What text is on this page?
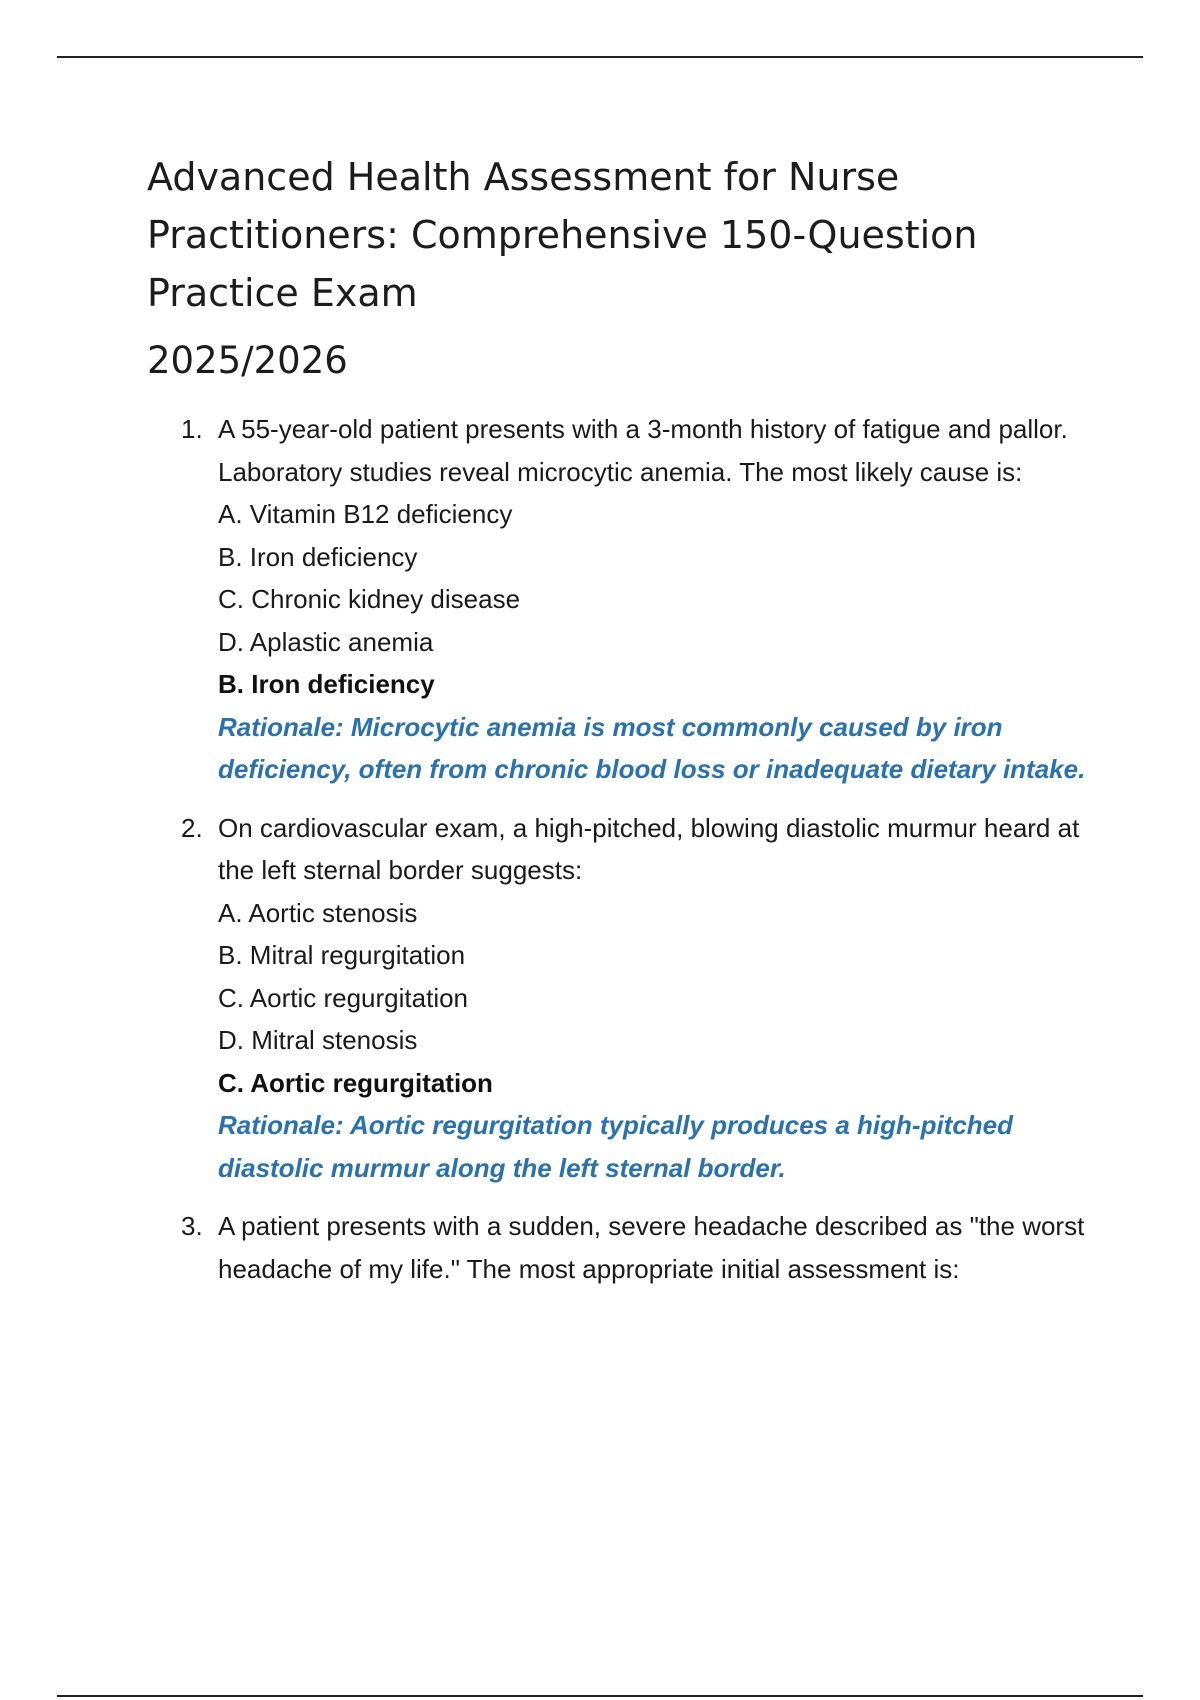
Advanced Health Assessment for Nurse Practitioners: Comprehensive 150-Question Practice Exam

2025/2026

1. A 55-year-old patient presents with a 3-month history of fatigue and pallor. Laboratory studies reveal microcytic anemia. The most likely cause is:
A. Vitamin B12 deficiency
B. Iron deficiency
C. Chronic kidney disease
D. Aplastic anemia
B. Iron deficiency
Rationale: Microcytic anemia is most commonly caused by iron deficiency, often from chronic blood loss or inadequate dietary intake.
2. On cardiovascular exam, a high-pitched, blowing diastolic murmur heard at the left sternal border suggests:
A. Aortic stenosis
B. Mitral regurgitation
C. Aortic regurgitation
D. Mitral stenosis
C. Aortic regurgitation
Rationale: Aortic regurgitation typically produces a high-pitched diastolic murmur along the left sternal border.
3. A patient presents with a sudden, severe headache described as "the worst headache of my life." The most appropriate initial assessment is:
